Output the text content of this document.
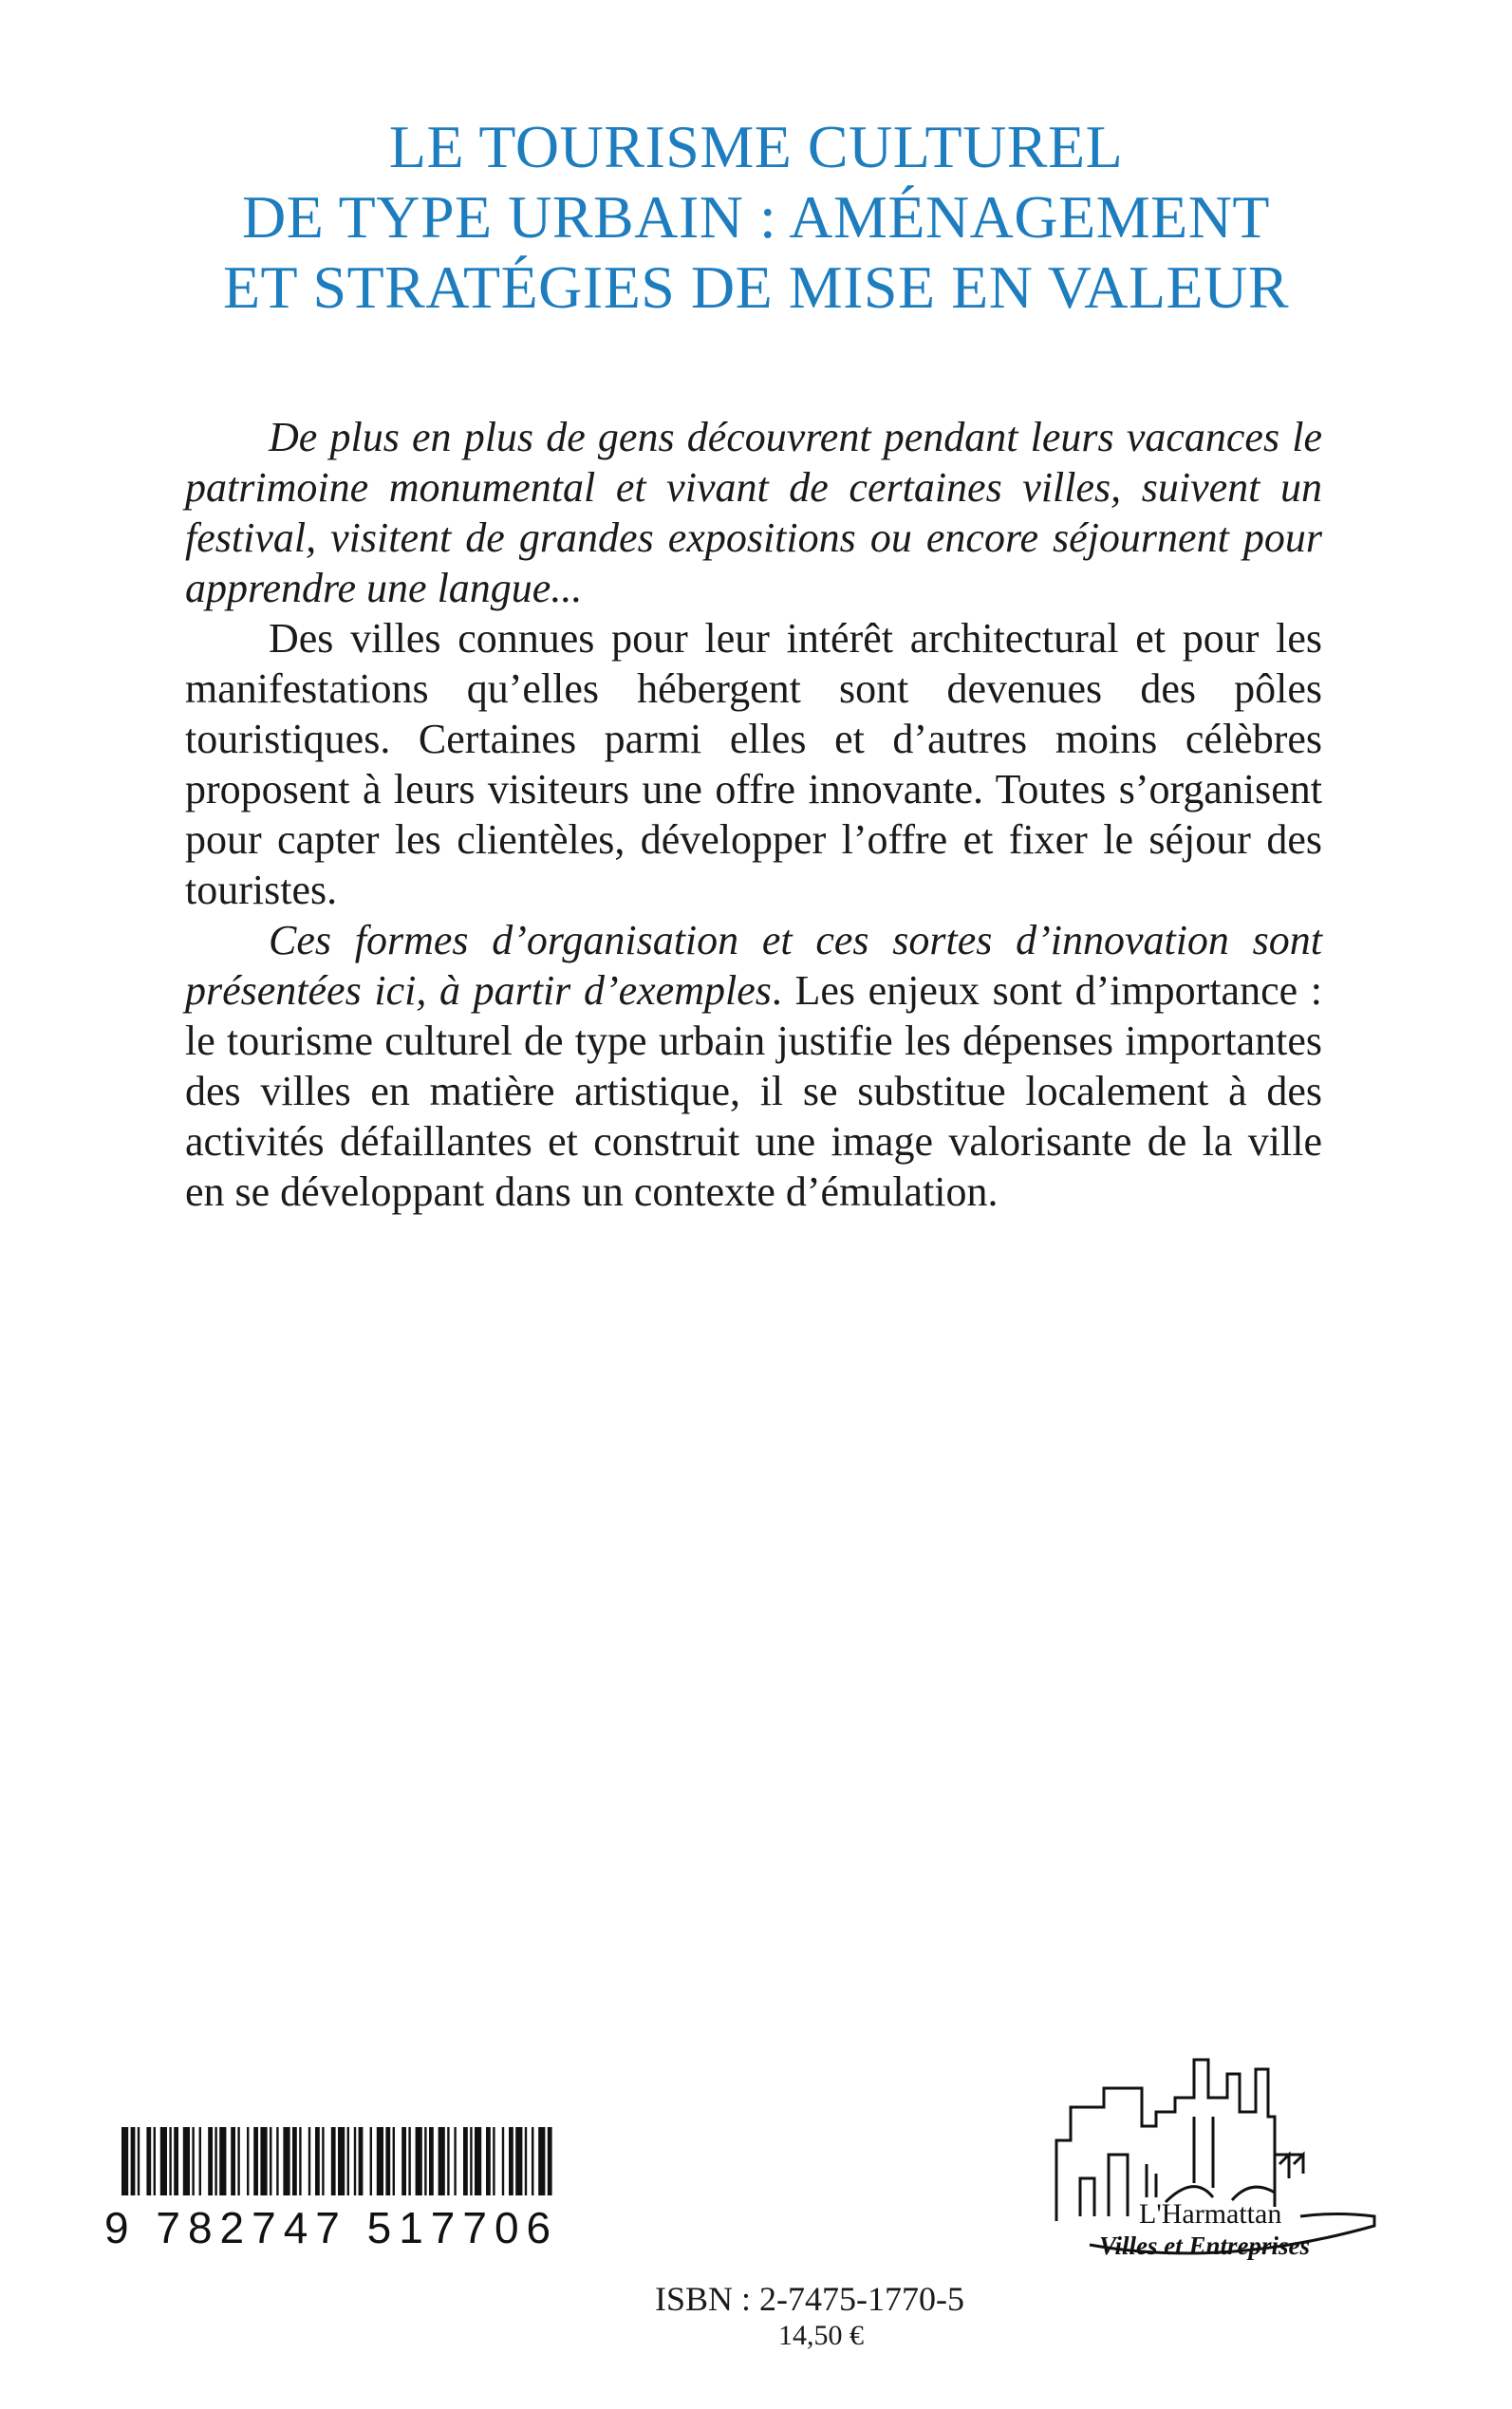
LE TOURISME CULTUREL
DE TYPE URBAIN : AMÉNAGEMENT
ET STRATÉGIES DE MISE EN VALEUR

De plus en plus de gens découvrent pendant leurs vacances le patrimoine monumental et vivant de certaines villes, suivent un festival, visitent de grandes expositions ou encore séjournent pour apprendre une langue...

Des villes connues pour leur intérêt architectural et pour les manifestations qu’elles hébergent sont devenues des pôles touristiques. Certaines parmi elles et d’autres moins célèbres proposent à leurs visiteurs une offre innovante. Toutes s’organisent pour capter les clientèles, développer l’offre et fixer le séjour des touristes.

Ces formes d’organisation et ces sortes d’innovation sont présentées ici, à partir d’exemples. Les enjeux sont d’importance : le tourisme culturel de type urbain justifie les dépenses importantes des villes en matière artistique, il se substitue localement à des activités défaillantes et construit une image valorisante de la ville en se développant dans un contexte d’émulation.

9 782747 517706
ISBN : 2-7475-1770-5
14,50 €
L'Harmattan
Villes et Entreprises
